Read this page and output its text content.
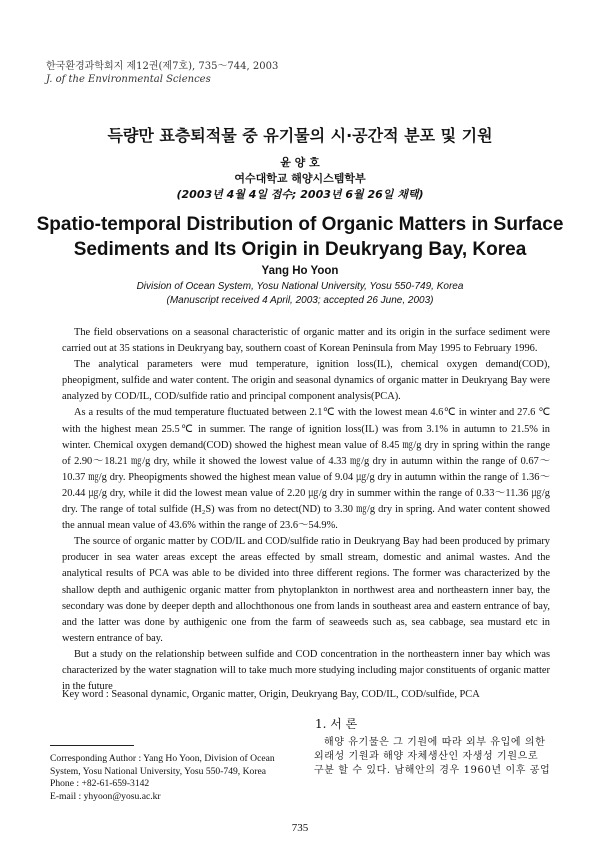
한국환경과학회지 제12권(제7호), 735～744, 2003
J. of the Environmental Sciences
득량만 표층퇴적물 중 유기물의 시·공간적 분포 및 기원
윤 양 호
여수대학교 해양시스템학부
(2003년 4월 4일 접수; 2003년 6월 26일 채택)
Spatio-temporal Distribution of Organic Matters in Surface
Sediments and Its Origin in Deukryang Bay, Korea
Yang Ho Yoon
Division of Ocean System, Yosu National University, Yosu 550-749, Korea
(Manuscript received 4 April, 2003; accepted 26 June, 2003)

The field observations on a seasonal characteristic of organic matter and its origin in the surface sediment were carried out at 35 stations in Deukryang bay, southern coast of Korean Peninsula from May 1995 to February 1996.

The analytical parameters were mud temperature, ignition loss(IL), chemical oxygen demand(COD), pheopigment, sulfide and water content. The origin and seasonal dynamics of organic matter in Deukryang Bay were analyzed by COD/IL, COD/sulfide ratio and principal component analysis(PCA).

As a results of the mud temperature fluctuated between 2.1℃ with the lowest mean 4.6℃ in winter and 27.6 ℃ with the highest mean 25.5℃ in summer. The range of ignition loss(IL) was from 3.1% in autumn to 21.5% in winter. Chemical oxygen demand(COD) showed the highest mean value of 8.45 ㎎/g dry in spring within the range of 2.90～18.21 ㎎/g dry, while it showed the lowest value of 4.33 ㎎/g dry in autumn within the range of 0.67～10.37 ㎎/g dry. Pheopigments showed the highest mean value of 9.04 ㎍/g dry in autumn within the range of 1.36～20.44 ㎍/g dry, while it did the lowest mean value of 2.20 ㎍/g dry in summer within the range of 0.33～11.36 ㎍/g dry. The range of total sulfide (H₂S) was from no detect(ND) to 3.30 ㎎/g dry in spring. And water content showed the annual mean value of 43.6% within the range of 23.6～54.9%.

The source of organic matter by COD/IL and COD/sulfide ratio in Deukryang Bay had been produced by primary producer in sea water areas except the areas effected by small stream, domestic and animal wastes. And the analytical results of PCA was able to be divided into three different regions. The former was characterized by the shallow depth and authigenic organic matter from phytoplankton in northwest area and northeastern inner bay, the secondary was done by deeper depth and allochthonous one from lands in southeast area and eastern entrance of bay, and the latter was done by authigenic one from the farm of seaweeds such as, sea cabbage, sea mustard etc in western entrance of bay.

But a study on the relationship between sulfide and COD concentration in the northeastern inner bay which was characterized by the water stagnation will to take much more studying including major constituents of organic matter in the future

Key word : Seasonal dynamic, Organic matter, Origin, Deukryang Bay, COD/IL, COD/sulfide, PCA
Corresponding Author : Yang Ho Yoon, Division of Ocean
System, Yosu National University, Yosu 550-749, Korea
Phone : +82-61-659-3142
E-mail : yhyoon@yosu.ac.kr
1. 서 론
해양 유기물은 그 기원에 따라 외부 유입에 의한
외래성 기원과 해양 자체생산인 자생성 기원으로
구분 할 수 있다. 남해안의 경우 1960년 이후 공업
735
